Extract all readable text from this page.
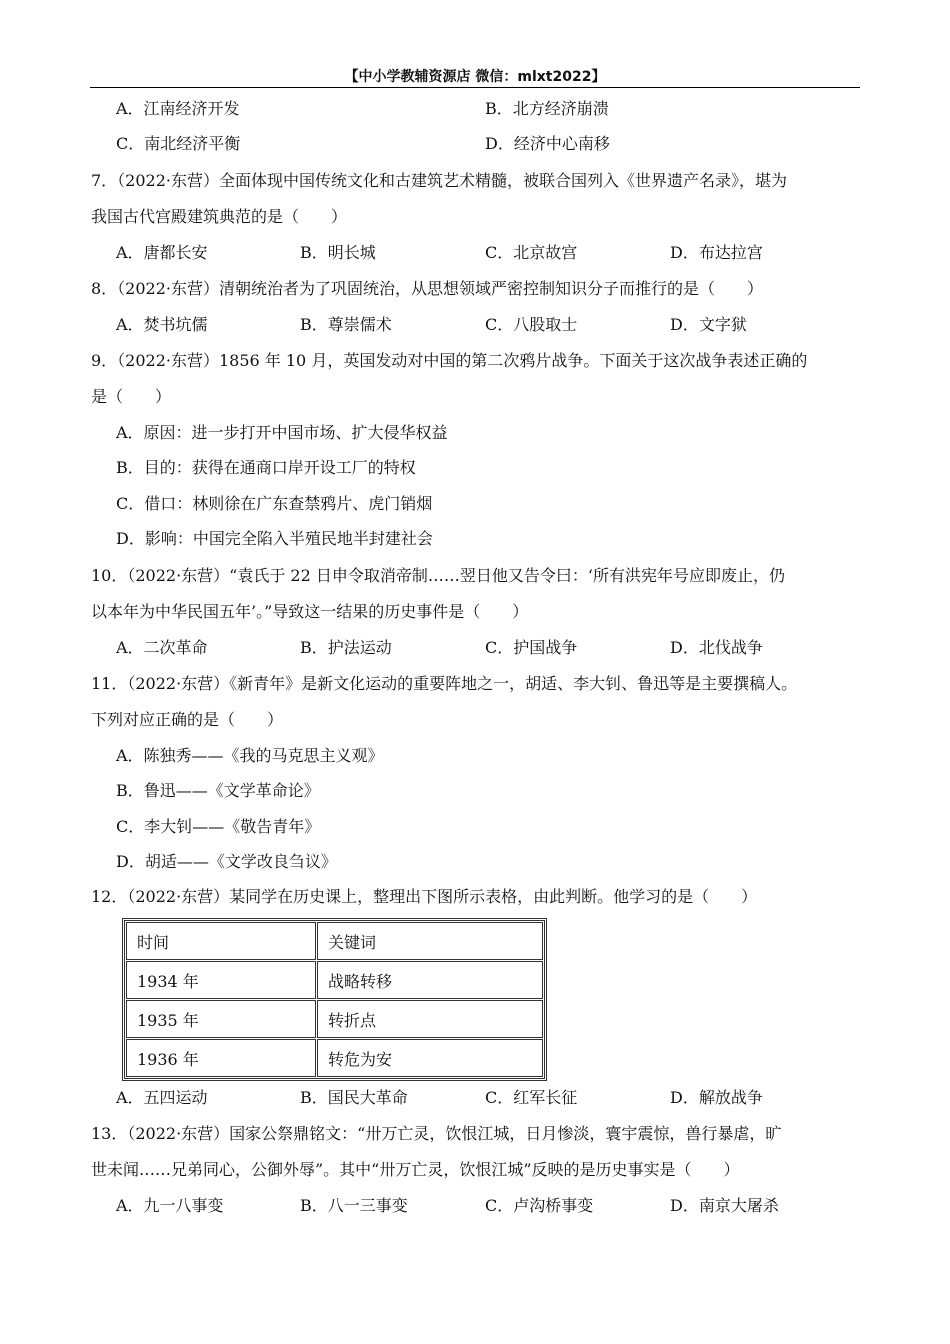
【中小学教辅资源店 微信：mlxt2022】
A．江南经济开发	B．北方经济崩溃
C．南北经济平衡	D．经济中心南移
7．（2022·东营）全面体现中国传统文化和古建筑艺术精髓，被联合国列入《世界遗产名录》，堪为
我国古代宫殿建筑典范的是（　　）
A．唐都长安	B．明长城	C．北京故宫	D．布达拉宫
8．（2022·东营）清朝统治者为了巩固统治，从思想领域严密控制知识分子而推行的是（　　）
A．焚书坑儒	B．尊崇儒术	C．八股取士	D．文字狱
9．（2022·东营）1856 年 10 月，英国发动对中国的第二次鸦片战争。下面关于这次战争表述正确的
是（　　）
A．原因：进一步打开中国市场、扩大侵华权益
B．目的：获得在通商口岸开设工厂的特权
C．借口：林则徐在广东查禁鸦片、虎门销烟
D．影响：中国完全陷入半殖民地半封建社会
10．（2022·东营）“袁氏于 22 日申令取消帝制……翌日他又告令曰：‘所有洪宪年号应即废止，仍
以本年为中华民国五年’。”导致这一结果的历史事件是（　　）
A．二次革命	B．护法运动	C．护国战争	D．北伐战争
11．（2022·东营）《新青年》是新文化运动的重要阵地之一，胡适、李大钊、鲁迅等是主要撰稿人。
下列对应正确的是（　　）
A．陈独秀——《我的马克思主义观》
B．鲁迅——《文学革命论》
C．李大钊——《敬告青年》
D．胡适——《文学改良刍议》
12．（2022·东营）某同学在历史课上，整理出下图所示表格，由此判断。他学习的是（　　）
时间	关键词
1934 年	战略转移
1935 年	转折点
1936 年	转危为安
A．五四运动	B．国民大革命	C．红军长征	D．解放战争
13．（2022·东营）国家公祭鼎铭文：“卅万亡灵，饮恨江城，日月惨淡，寰宇震惊，兽行暴虐，旷
世未闻……兄弟同心，公御外辱”。其中“卅万亡灵，饮恨江城”反映的是历史事实是（　　）
A．九一八事变	B．八一三事变	C．卢沟桥事变	D．南京大屠杀
